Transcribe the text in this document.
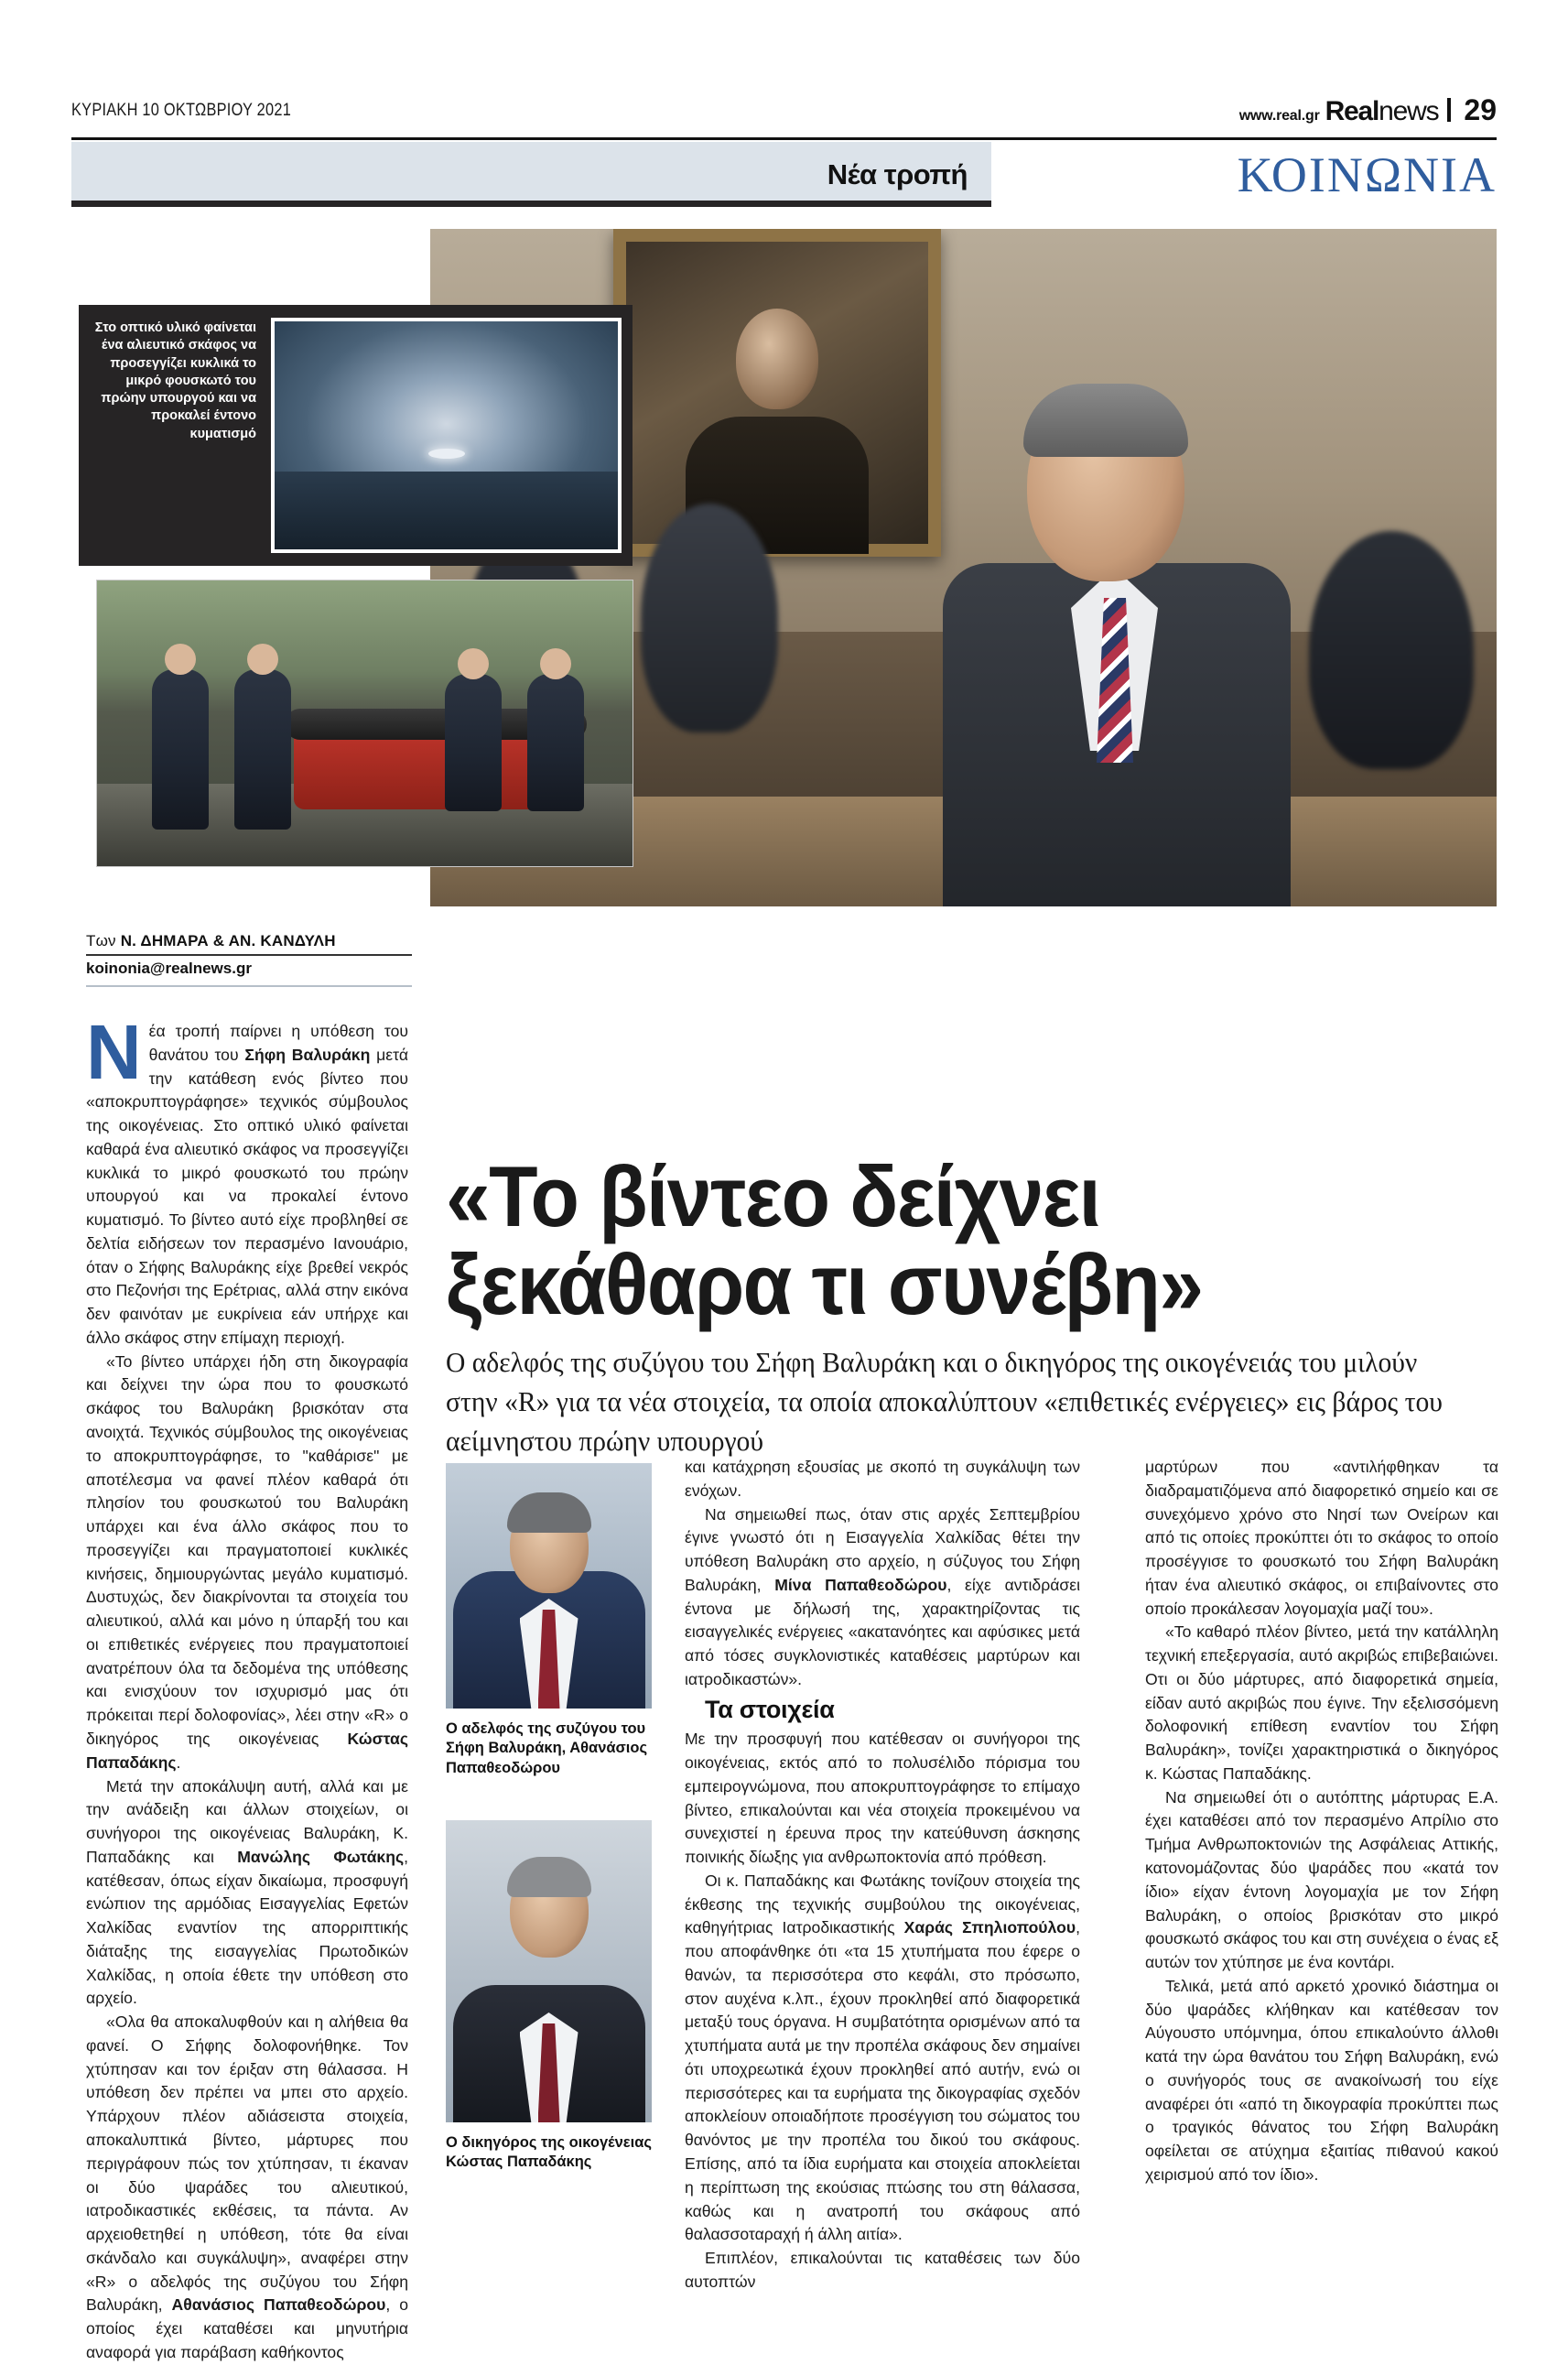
ΚΥΡΙΑΚΗ 10 ΟΚΤΩΒΡΙΟΥ 2021	www.real.gr Realnews 29
Νέα τροπή	ΚΟΙΝΩΝΙΑ
Στο οπτικό υλικό φαίνεται ένα αλιευτικό σκάφος να προσεγγίζει κυκλικά το μικρό φουσκωτό του πρώην υπουργού και να προκαλεί έντονο κυματισμό
Των Ν. ΔΗΜΑΡΑ & ΑΝ. ΚΑΝΔΥΛΗ
koinonia@realnews.gr
«Το βίντεο δείχνει ξεκάθαρα τι συνέβη»

Ο αδελφός της συζύγου του Σήφη Βαλυράκη και ο δικηγόρος της οικογένειάς του μιλούν στην «R» για τα νέα στοιχεία, τα οποία αποκαλύπτουν «επιθετικές ενέργειες» εις βάρος του αείμνηστου πρώην υπουργού

Νέα τροπή παίρνει η υπόθεση του θανάτου του Σήφη Βαλυράκη μετά την κατάθεση ενός βίντεο που «αποκρυπτογράφησε» τεχνικός σύμβουλος της οικογένειας. Στο οπτικό υλικό φαίνεται καθαρά ένα αλιευτικό σκάφος να προσεγγίζει κυκλικά το μικρό φουσκωτό του πρώην υπουργού και να προκαλεί έντονο κυματισμό. Το βίντεο αυτό είχε προβληθεί σε δελτία ειδήσεων τον περασμένο Ιανουάριο, όταν ο Σήφης Βαλυράκης είχε βρεθεί νεκρός στο Πεζονήσι της Ερέτριας, αλλά στην εικόνα δεν φαινόταν με ευκρίνεια εάν υπήρχε και άλλο σκάφος στην επίμαχη περιοχή.

«Το βίντεο υπάρχει ήδη στη δικογραφία και δείχνει την ώρα που το φουσκωτό σκάφος του Βαλυράκη βρισκόταν στα ανοιχτά. Τεχνικός σύμβουλος της οικογένειας το αποκρυπτογράφησε, το "καθάρισε" με αποτέλεσμα να φανεί πλέον καθαρά ότι πλησίον του φουσκωτού του Βαλυράκη υπάρχει και ένα άλλο σκάφος που το προσεγγίζει και πραγματοποιεί κυκλικές κινήσεις, δημιουργώντας μεγάλο κυματισμό. Δυστυχώς, δεν διακρίνονται τα στοιχεία του αλιευτικού, αλλά και μόνο η ύπαρξή του και οι επιθετικές ενέργειες που πραγματοποιεί ανατρέπουν όλα τα δεδομένα της υπόθεσης και ενισχύουν τον ισχυρισμό μας ότι πρόκειται περί δολοφονίας», λέει στην «R» ο δικηγόρος της οικογένειας Κώστας Παπαδάκης.

Μετά την αποκάλυψη αυτή, αλλά και με την ανάδειξη και άλλων στοιχείων, οι συνήγοροι της οικογένειας Βαλυράκη, Κ. Παπαδάκης και Μανώλης Φωτάκης, κατέθεσαν, όπως είχαν δικαίωμα, προσφυγή ενώπιον της αρμόδιας Εισαγγελίας Εφετών Χαλκίδας εναντίον της απορριπτικής διάταξης της εισαγγελίας Πρωτοδικών Χαλκίδας, η οποία έθετε την υπόθεση στο αρχείο.

«Ολα θα αποκαλυφθούν και η αλήθεια θα φανεί. Ο Σήφης δολοφονήθηκε. Τον χτύπησαν και τον έριξαν στη θάλασσα. Η υπόθεση δεν πρέπει να μπει στο αρχείο. Υπάρχουν πλέον αδιάσειστα στοιχεία, αποκαλυπτικά βίντεο, μάρτυρες που περιγράφουν πώς τον χτύπησαν, τι έκαναν οι δύο ψαράδες του αλιευτικού, ιατροδικαστικές εκθέσεις, τα πάντα. Αν αρχειοθετηθεί η υπόθεση, τότε θα είναι σκάνδαλο και συγκάλυψη», αναφέρει στην «R» ο αδελφός της συζύγου του Σήφη Βαλυράκη, Αθανάσιος Παπαθεοδώρου, ο οποίος έχει καταθέσει και μηνυτήρια αναφορά για παράβαση καθήκοντος

Ο αδελφός της συζύγου του Σήφη Βαλυράκη, Αθανάσιος Παπαθεοδώρου
Ο δικηγόρος της οικογένειας Κώστας Παπαδάκης

και κατάχρηση εξουσίας με σκοπό τη συγκάλυψη των ενόχων.

Να σημειωθεί πως, όταν στις αρχές Σεπτεμβρίου έγινε γνωστό ότι η Εισαγγελία Χαλκίδας θέτει την υπόθεση Βαλυράκη στο αρχείο, η σύζυγος του Σήφη Βαλυράκη, Μίνα Παπαθεοδώρου, είχε αντιδράσει έντονα με δήλωσή της, χαρακτηρίζοντας τις εισαγγελικές ενέργειες «ακατανόητες και αφύσικες μετά από τόσες συγκλονιστικές καταθέσεις μαρτύρων και ιατροδικαστών».

Τα στοιχεία

Με την προσφυγή που κατέθεσαν οι συνήγοροι της οικογένειας, εκτός από το πολυσέλιδο πόρισμα του εμπειρογνώμονα, που αποκρυπτογράφησε το επίμαχο βίντεο, επικαλούνται και νέα στοιχεία προκειμένου να συνεχιστεί η έρευνα προς την κατεύθυνση άσκησης ποινικής δίωξης για ανθρωποκτονία από πρόθεση.

Οι κ. Παπαδάκης και Φωτάκης τονίζουν στοιχεία της έκθεσης της τεχνικής συμβούλου της οικογένειας, καθηγήτριας Ιατροδικαστικής Χαράς Σπηλιοπούλου, που αποφάνθηκε ότι «τα 15 χτυπήματα που έφερε ο θανών, τα περισσότερα στο κεφάλι, στο πρόσωπο, στον αυχένα κ.λπ., έχουν προκληθεί από διαφορετικά μεταξύ τους όργανα. Η συμβατότητα ορισμένων από τα χτυπήματα αυτά με την προπέλα σκάφους δεν σημαίνει ότι υποχρεωτικά έχουν προκληθεί από αυτήν, ενώ οι περισσότερες και τα ευρήματα της δικογραφίας σχεδόν αποκλείουν οποιαδήποτε προσέγγιση του σώματος του θανόντος με την προπέλα του δικού του σκάφους. Επίσης, από τα ίδια ευρήματα και στοιχεία αποκλείεται η περίπτωση της εκούσιας πτώσης του στη θάλασσα, καθώς και η ανατροπή του σκάφους από θαλασσοταραχή ή άλλη αιτία».

Επιπλέον, επικαλούνται τις καταθέσεις των δύο αυτοπτών

μαρτύρων που «αντιλήφθηκαν τα διαδραματιζόμενα από διαφορετικό σημείο και σε συνεχόμενο χρόνο στο Νησί των Ονείρων και από τις οποίες προκύπτει ότι το σκάφος το οποίο προσέγγισε το φουσκωτό του Σήφη Βαλυράκη ήταν ένα αλιευτικό σκάφος, οι επιβαίνοντες στο οποίο προκάλεσαν λογομαχία μαζί του».

«Το καθαρό πλέον βίντεο, μετά την κατάλληλη τεχνική επεξεργασία, αυτό ακριβώς επιβεβαιώνει. Οτι οι δύο μάρτυρες, από διαφορετικά σημεία, είδαν αυτό ακριβώς που έγινε. Την εξελισσόμενη δολοφονική επίθεση εναντίον του Σήφη Βαλυράκη», τονίζει χαρακτηριστικά ο δικηγόρος κ. Κώστας Παπαδάκης.

Να σημειωθεί ότι ο αυτόπτης μάρτυρας Ε.Α. έχει καταθέσει από τον περασμένο Απρίλιο στο Τμήμα Ανθρωποκτονιών της Ασφάλειας Αττικής, κατονομάζοντας δύο ψαράδες που «κατά τον ίδιο» είχαν έντονη λογομαχία με τον Σήφη Βαλυράκη, ο οποίος βρισκόταν στο μικρό φουσκωτό σκάφος του και στη συνέχεια ο ένας εξ αυτών τον χτύπησε με ένα κοντάρι.

Τελικά, μετά από αρκετό χρονικό διάστημα οι δύο ψαράδες κλήθηκαν και κατέθεσαν τον Αύγουστο υπόμνημα, όπου επικαλούντο άλλοθι κατά την ώρα θανάτου του Σήφη Βαλυράκη, ενώ ο συνήγορός τους σε ανακοίνωσή του είχε αναφέρει ότι «από τη δικογραφία προκύπτει πως ο τραγικός θάνατος του Σήφη Βαλυράκη οφείλεται σε ατύχημα εξαιτίας πιθανού κακού χειρισμού από τον ίδιο».
